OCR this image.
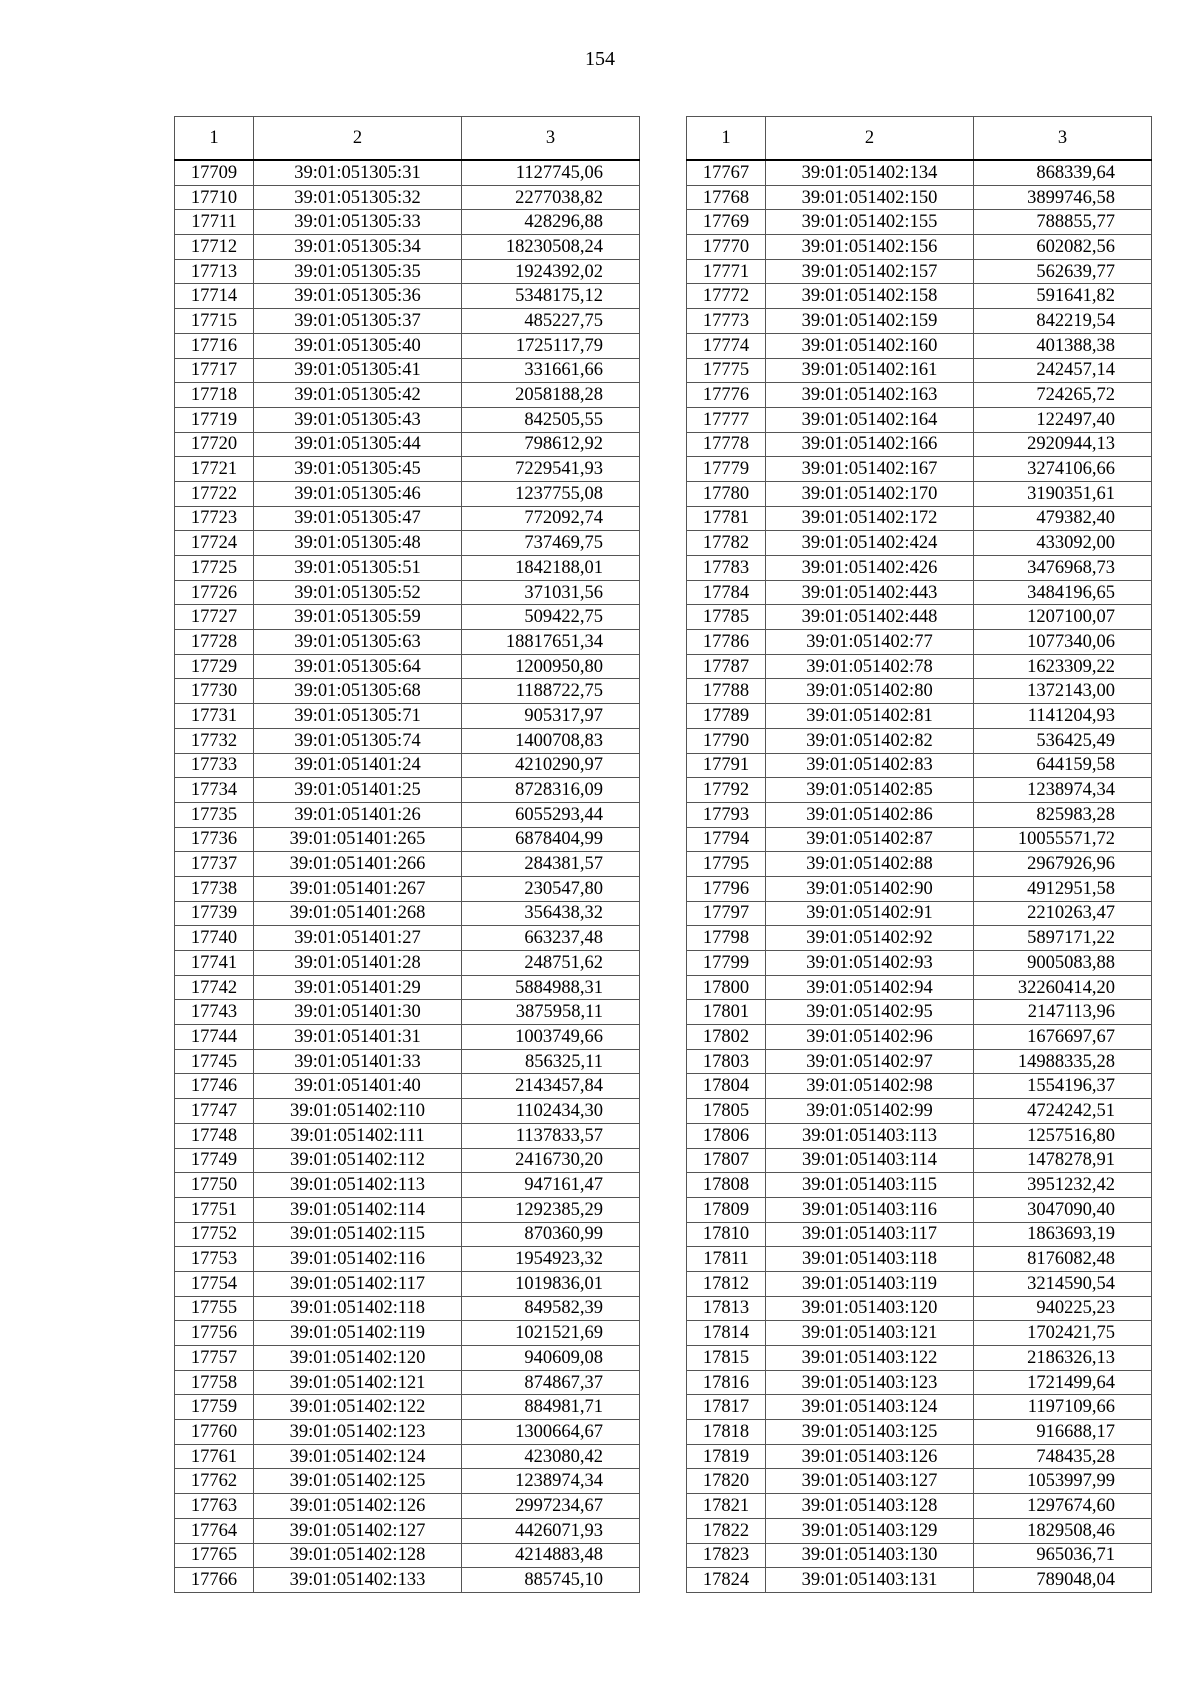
154
1	2	3
17709	39:01:051305:31	1127745,06
17710	39:01:051305:32	2277038,82
17711	39:01:051305:33	428296,88
17712	39:01:051305:34	18230508,24
17713	39:01:051305:35	1924392,02
17714	39:01:051305:36	5348175,12
17715	39:01:051305:37	485227,75
17716	39:01:051305:40	1725117,79
17717	39:01:051305:41	331661,66
17718	39:01:051305:42	2058188,28
17719	39:01:051305:43	842505,55
17720	39:01:051305:44	798612,92
17721	39:01:051305:45	7229541,93
17722	39:01:051305:46	1237755,08
17723	39:01:051305:47	772092,74
17724	39:01:051305:48	737469,75
17725	39:01:051305:51	1842188,01
17726	39:01:051305:52	371031,56
17727	39:01:051305:59	509422,75
17728	39:01:051305:63	18817651,34
17729	39:01:051305:64	1200950,80
17730	39:01:051305:68	1188722,75
17731	39:01:051305:71	905317,97
17732	39:01:051305:74	1400708,83
17733	39:01:051401:24	4210290,97
17734	39:01:051401:25	8728316,09
17735	39:01:051401:26	6055293,44
17736	39:01:051401:265	6878404,99
17737	39:01:051401:266	284381,57
17738	39:01:051401:267	230547,80
17739	39:01:051401:268	356438,32
17740	39:01:051401:27	663237,48
17741	39:01:051401:28	248751,62
17742	39:01:051401:29	5884988,31
17743	39:01:051401:30	3875958,11
17744	39:01:051401:31	1003749,66
17745	39:01:051401:33	856325,11
17746	39:01:051401:40	2143457,84
17747	39:01:051402:110	1102434,30
17748	39:01:051402:111	1137833,57
17749	39:01:051402:112	2416730,20
17750	39:01:051402:113	947161,47
17751	39:01:051402:114	1292385,29
17752	39:01:051402:115	870360,99
17753	39:01:051402:116	1954923,32
17754	39:01:051402:117	1019836,01
17755	39:01:051402:118	849582,39
17756	39:01:051402:119	1021521,69
17757	39:01:051402:120	940609,08
17758	39:01:051402:121	874867,37
17759	39:01:051402:122	884981,71
17760	39:01:051402:123	1300664,67
17761	39:01:051402:124	423080,42
17762	39:01:051402:125	1238974,34
17763	39:01:051402:126	2997234,67
17764	39:01:051402:127	4426071,93
17765	39:01:051402:128	4214883,48
17766	39:01:051402:133	885745,10
1	2	3
17767	39:01:051402:134	868339,64
17768	39:01:051402:150	3899746,58
17769	39:01:051402:155	788855,77
17770	39:01:051402:156	602082,56
17771	39:01:051402:157	562639,77
17772	39:01:051402:158	591641,82
17773	39:01:051402:159	842219,54
17774	39:01:051402:160	401388,38
17775	39:01:051402:161	242457,14
17776	39:01:051402:163	724265,72
17777	39:01:051402:164	122497,40
17778	39:01:051402:166	2920944,13
17779	39:01:051402:167	3274106,66
17780	39:01:051402:170	3190351,61
17781	39:01:051402:172	479382,40
17782	39:01:051402:424	433092,00
17783	39:01:051402:426	3476968,73
17784	39:01:051402:443	3484196,65
17785	39:01:051402:448	1207100,07
17786	39:01:051402:77	1077340,06
17787	39:01:051402:78	1623309,22
17788	39:01:051402:80	1372143,00
17789	39:01:051402:81	1141204,93
17790	39:01:051402:82	536425,49
17791	39:01:051402:83	644159,58
17792	39:01:051402:85	1238974,34
17793	39:01:051402:86	825983,28
17794	39:01:051402:87	10055571,72
17795	39:01:051402:88	2967926,96
17796	39:01:051402:90	4912951,58
17797	39:01:051402:91	2210263,47
17798	39:01:051402:92	5897171,22
17799	39:01:051402:93	9005083,88
17800	39:01:051402:94	32260414,20
17801	39:01:051402:95	2147113,96
17802	39:01:051402:96	1676697,67
17803	39:01:051402:97	14988335,28
17804	39:01:051402:98	1554196,37
17805	39:01:051402:99	4724242,51
17806	39:01:051403:113	1257516,80
17807	39:01:051403:114	1478278,91
17808	39:01:051403:115	3951232,42
17809	39:01:051403:116	3047090,40
17810	39:01:051403:117	1863693,19
17811	39:01:051403:118	8176082,48
17812	39:01:051403:119	3214590,54
17813	39:01:051403:120	940225,23
17814	39:01:051403:121	1702421,75
17815	39:01:051403:122	2186326,13
17816	39:01:051403:123	1721499,64
17817	39:01:051403:124	1197109,66
17818	39:01:051403:125	916688,17
17819	39:01:051403:126	748435,28
17820	39:01:051403:127	1053997,99
17821	39:01:051403:128	1297674,60
17822	39:01:051403:129	1829508,46
17823	39:01:051403:130	965036,71
17824	39:01:051403:131	789048,04
